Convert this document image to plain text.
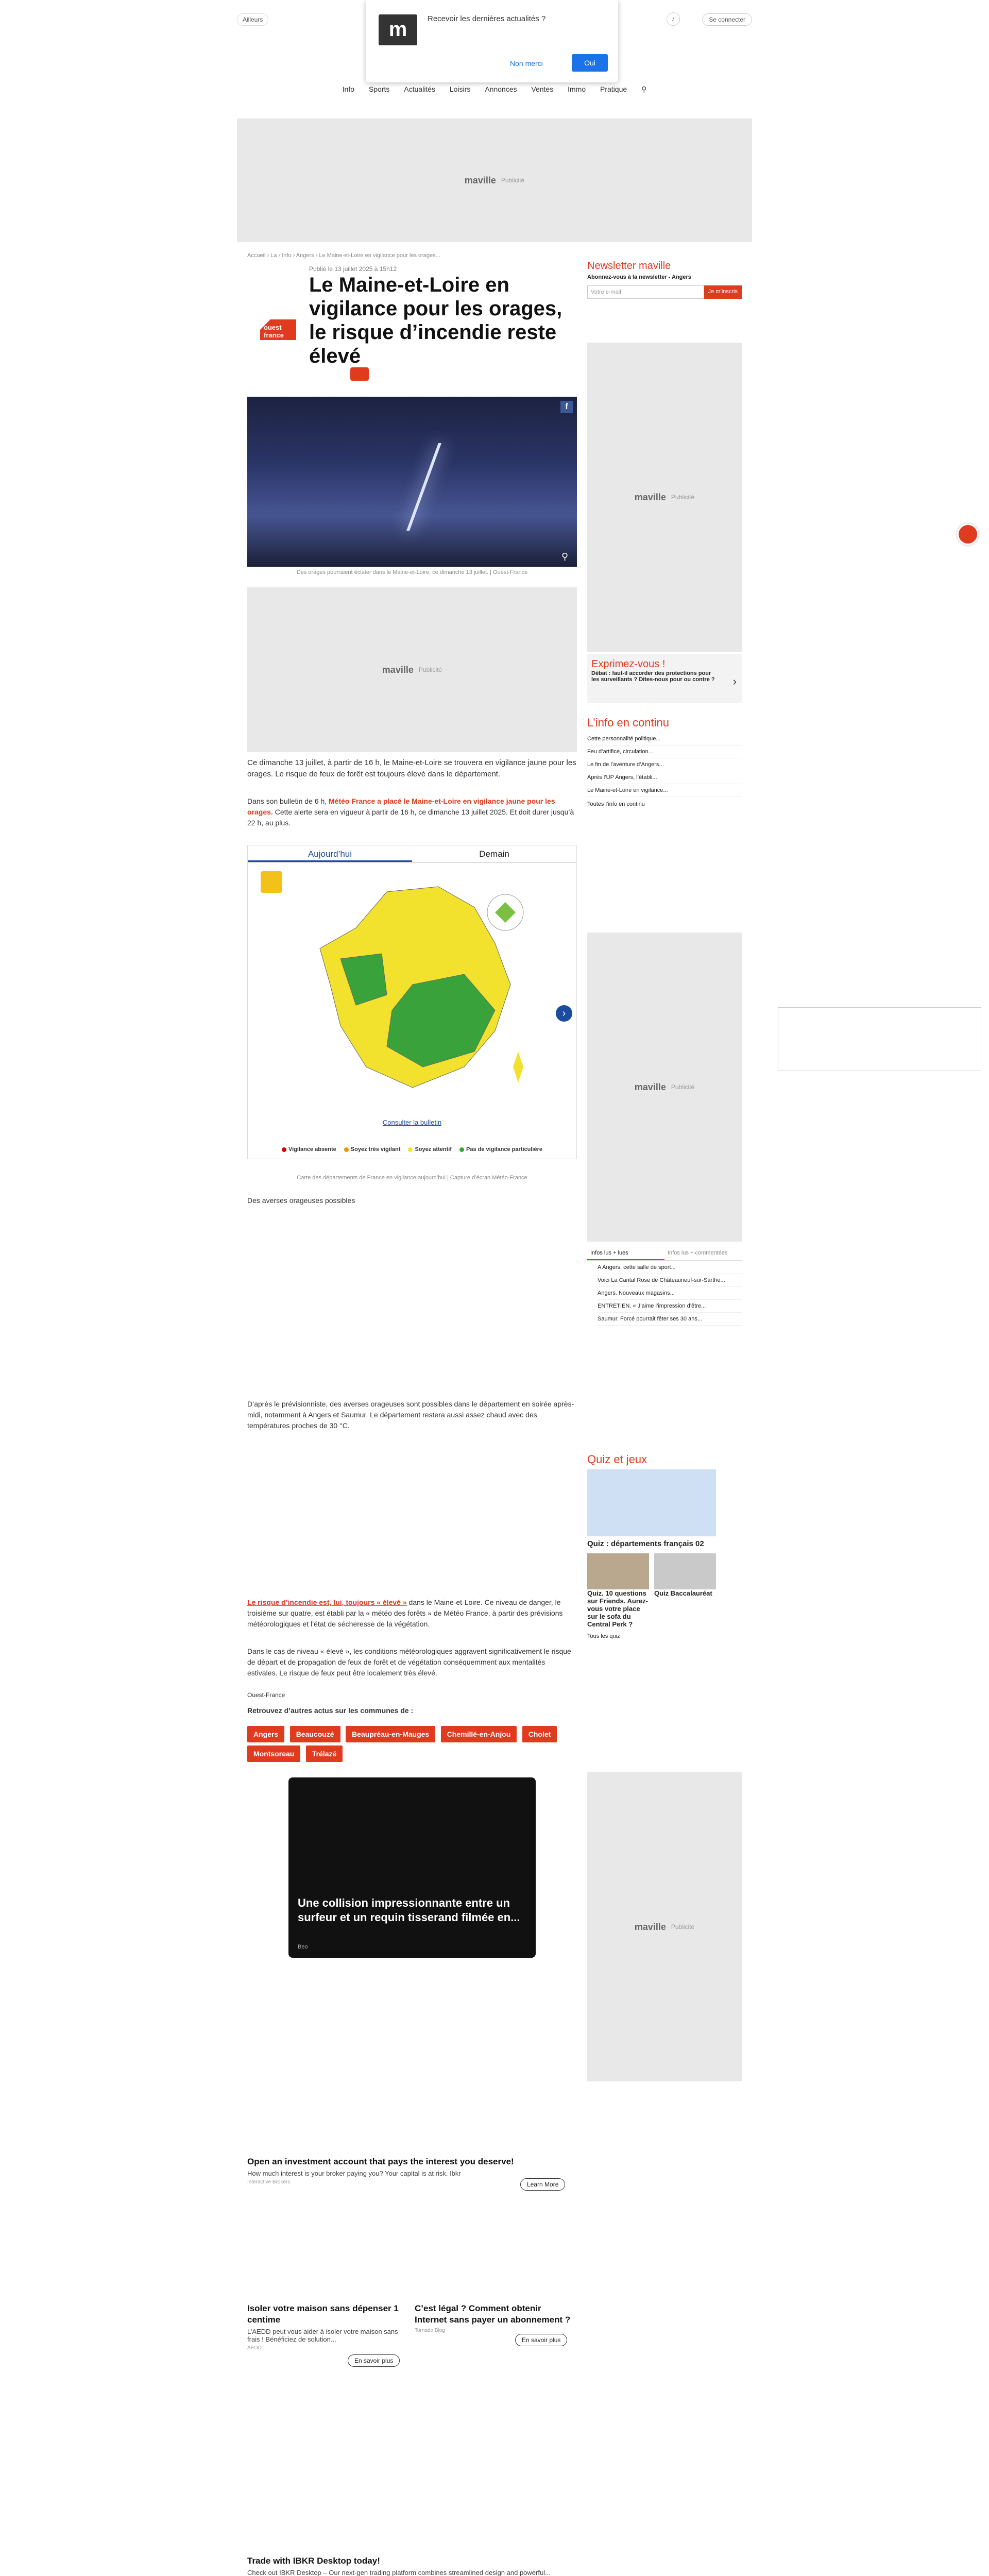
Ailleurs	♪	Se connecter
m	Recevoir les dernières actualités ?
Non merci	Oui
Info Sports Actualités Loisirs Annonces Ventes Immo Pratique ⚲
maville Publicité
Accueil › La › Info › Angers › Le Maine-et-Loire en vigilance pour les orages...
Publié le 13 juillet 2025 à 15h12
Le Maine-et-Loire en vigilance pour les orages, le risque d’incendie reste élevé
ouest
france
f
⚲
Des orages pourraient éclater dans le Maine-et-Loire, ce dimanche 13 juillet. | Ouest-France
maville Publicité
Ce dimanche 13 juillet, à partir de 16 h, le Maine-et-Loire se trouvera en vigilance jaune pour les orages. Le risque de feux de forêt est toujours élevé dans le département.
Dans son bulletin de 6 h, Météo France a placé le Maine-et-Loire en vigilance jaune pour les orages. Cette alerte sera en vigueur à partir de 16 h, ce dimanche 13 juillet 2025. Et doit durer jusqu’à 22 h, au plus.
Aujourd’hui	Demain
›
Consulter la bulletin
Vigilance absente	Soyez très vigilant	Soyez attentif	Pas de vigilance particulière
Carte des départements de France en vigilance aujourd’hui | Capture d’écran Météo-France
Des averses orageuses possibles
D’après le prévisionniste, des averses orageuses sont possibles dans le département en soirée après-midi, notamment à Angers et Saumur. Le département restera aussi assez chaud avec des températures proches de 30 °C.
Le risque d’incendie est, lui, toujours « élevé » dans le Maine-et-Loire. Ce niveau de danger, le troisième sur quatre, est établi par la « météo des forêts » de Météo France, à partir des prévisions météorologiques et l’état de sécheresse de la végétation.
Dans le cas de niveau « élevé », les conditions météorologiques aggravent significativement le risque de départ et de propagation de feux de forêt et de végétation conséquemment aux mentalités estivales. Le risque de feux peut être localement très élevé.
Ouest-France
Retrouvez d’autres actus sur les communes de :
Angers Beaucouzé Beaupréau-en-Mauges Chemillé-en-Anjou Cholet Montsoreau Trélazé
Une collision impressionnante entre un surfeur et un requin tisserand filmée en...
Beo
Open an investment account that pays the interest you deserve!
How much interest is your broker paying you? Your capital is at risk. Ibkr
Interactive Brokers	Learn More
Isoler votre maison sans dépenser 1 centime
L’AEDD peut vous aider à isoler votre maison sans frais ! Bénéficiez de solution...
AEDD
En savoir plus
C’est légal ? Comment obtenir Internet sans payer un abonnement ?
Tornado Blog
En savoir plus
Trade with IBKR Desktop today!
Check out IBKR Desktop – Our next-gen trading platform combines streamlined design and powerful...
Newsletter maville
Abonnez-vous à la newsletter - Angers
Votre e-mail	Je m’inscris
maville Publicité
Exprimez-vous !
Débat : faut-il accorder des protections pour les surveillants ? Dites-nous pour ou contre ?	›
L’info en continu
Cette personnalité politique...
Feu d’artifice, circulation...
Le fin de l’aventure d’Angers...
Après l’UP Angers, l’établi...
Le Maine-et-Loire en vigilance...
Toutes l’info en continu
maville Publicité
Infos lus + lues	Infos lus + commentées
A Angers, cette salle de sport...
Voici La Cantal Rose de Châteauneuf-sur-Sarthe...
Angers. Nouveaux magasins...
ENTRETIEN. « J’aime l’impression d’être...
Saumur. Forcé pourrait fêter ses 30 ans...
Quiz et jeux
Quiz : départements français 02
Quiz. 10 questions sur Friends. Aurez-vous votre place sur le sofa du Central Perk ?
Quiz Baccalauréat
Tous les quiz
maville Publicité
